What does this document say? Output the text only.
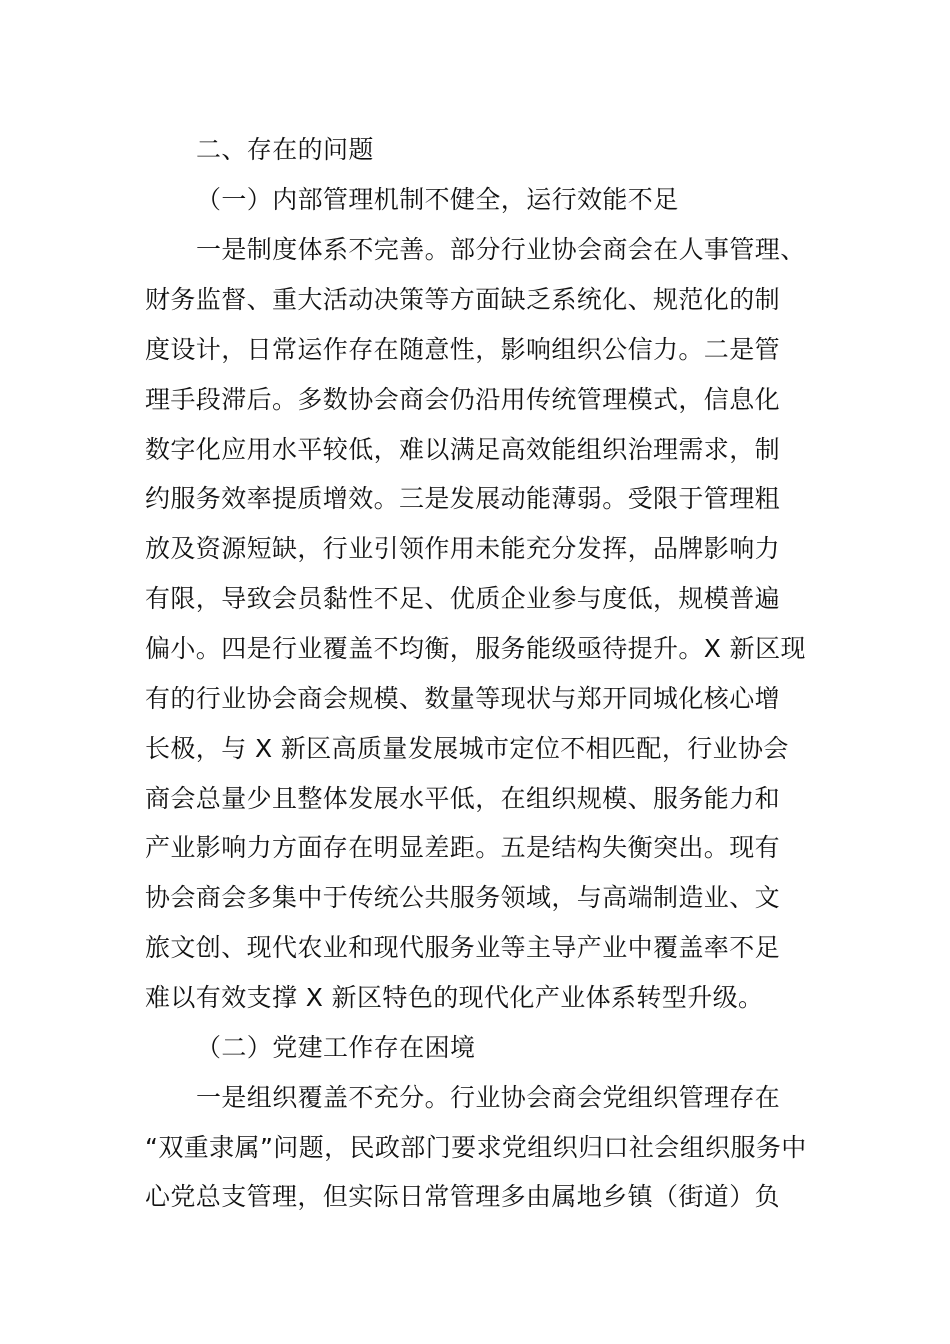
二、存在的问题
（一）内部管理机制不健全，运行效能不足
一是制度体系不完善。部分行业协会商会在人事管理、
财务监督、重大活动决策等方面缺乏系统化、规范化的制
度设计，日常运作存在随意性，影响组织公信力。二是管
理手段滞后。多数协会商会仍沿用传统管理模式，信息化
数字化应用水平较低，难以满足高效能组织治理需求，制
约服务效率提质增效。三是发展动能薄弱。受限于管理粗
放及资源短缺，行业引领作用未能充分发挥，品牌影响力
有限，导致会员黏性不足、优质企业参与度低，规模普遍
偏小。四是行业覆盖不均衡，服务能级亟待提升。X 新区现
有的行业协会商会规模、数量等现状与郑开同城化核心增
长极，与 X 新区高质量发展城市定位不相匹配，行业协会
商会总量少且整体发展水平低，在组织规模、服务能力和
产业影响力方面存在明显差距。五是结构失衡突出。现有
协会商会多集中于传统公共服务领域，与高端制造业、文
旅文创、现代农业和现代服务业等主导产业中覆盖率不足
难以有效支撑 X 新区特色的现代化产业体系转型升级。
（二）党建工作存在困境
一是组织覆盖不充分。行业协会商会党组织管理存在
“双重隶属”问题，民政部门要求党组织归口社会组织服务中
心党总支管理，但实际日常管理多由属地乡镇（街道）负
